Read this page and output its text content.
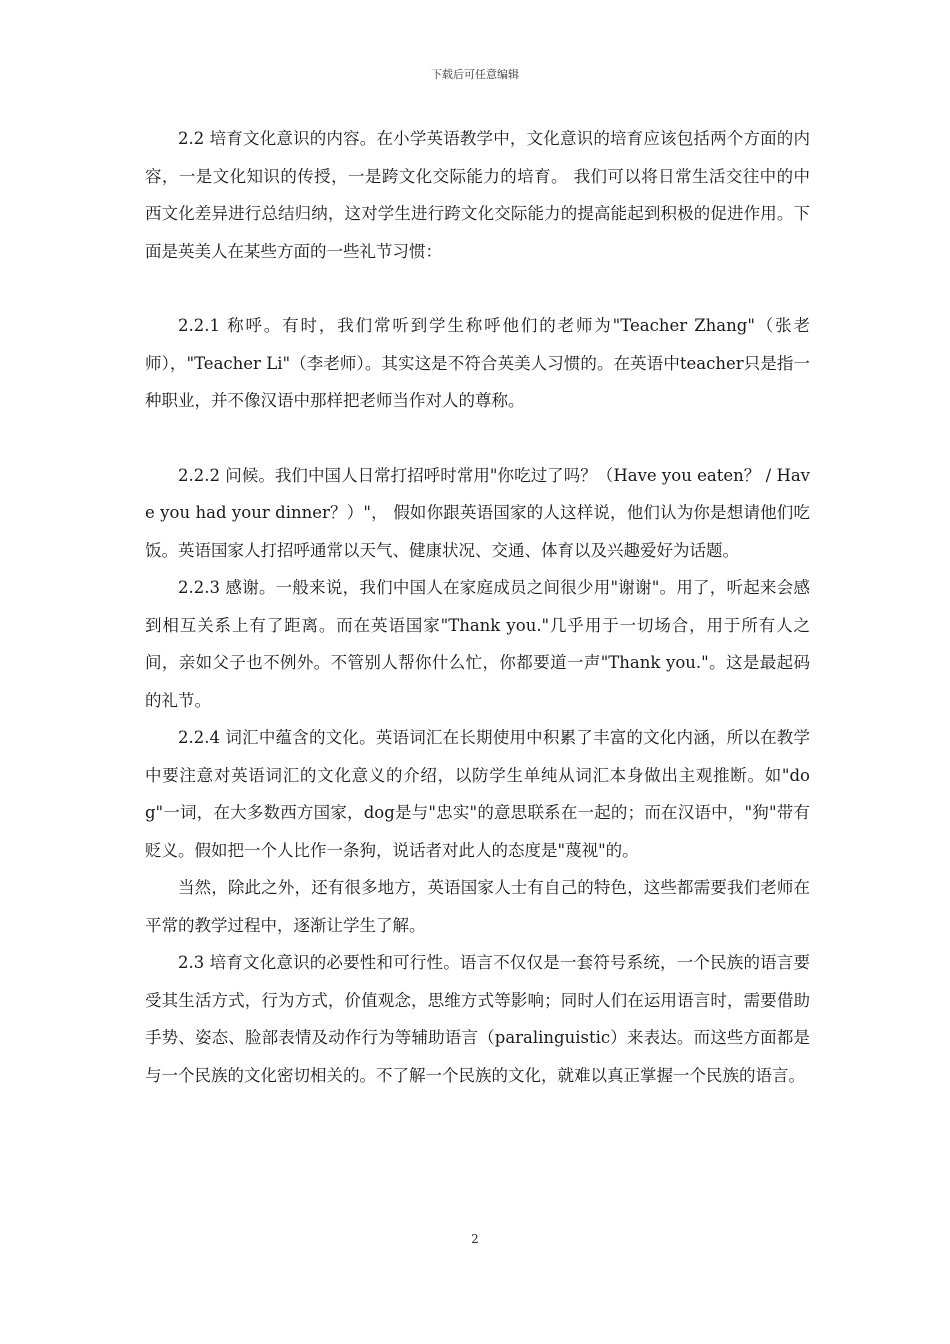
下载后可任意编辑

2.2 培育文化意识的内容。在小学英语教学中，文化意识的培育应该包括两个方面的内容，一是文化知识的传授，一是跨文化交际能力的培育。 我们可以将日常生活交往中的中西文化差异进行总结归纳，这对学生进行跨文化交际能力的提高能起到积极的促进作用。下面是英美人在某些方面的一些礼节习惯：

2.2.1 称呼。有时，我们常听到学生称呼他们的老师为"Teacher Zhang"（张老师），"Teacher Li"（李老师）。其实这是不符合英美人习惯的。在英语中teacher只是指一种职业，并不像汉语中那样把老师当作对人的尊称。

2.2.2 问候。我们中国人日常打招呼时常用"你吃过了吗？（Have you eaten？ / Have you had your dinner？）"， 假如你跟英语国家的人这样说，他们认为你是想请他们吃饭。英语国家人打招呼通常以天气、健康状况、交通、体育以及兴趣爱好为话题。

2.2.3 感谢。一般来说，我们中国人在家庭成员之间很少用"谢谢"。用了，听起来会感到相互关系上有了距离。而在英语国家"Thank you."几乎用于一切场合，用于所有人之间，亲如父子也不例外。不管别人帮你什么忙，你都要道一声"Thank you."。这是最起码的礼节。

2.2.4 词汇中蕴含的文化。英语词汇在长期使用中积累了丰富的文化内涵，所以在教学中要注意对英语词汇的文化意义的介绍，以防学生单纯从词汇本身做出主观推断。如"dog"一词，在大多数西方国家，dog是与"忠实"的意思联系在一起的；而在汉语中，"狗"带有贬义。假如把一个人比作一条狗，说话者对此人的态度是"蔑视"的。

当然，除此之外，还有很多地方，英语国家人士有自己的特色，这些都需要我们老师在平常的教学过程中，逐渐让学生了解。

2.3 培育文化意识的必要性和可行性。语言不仅仅是一套符号系统，一个民族的语言要受其生活方式，行为方式，价值观念，思维方式等影响；同时人们在运用语言时，需要借助手势、姿态、脸部表情及动作行为等辅助语言（paralinguistic）来表达。而这些方面都是与一个民族的文化密切相关的。不了解一个民族的文化，就难以真正掌握一个民族的语言。

2
